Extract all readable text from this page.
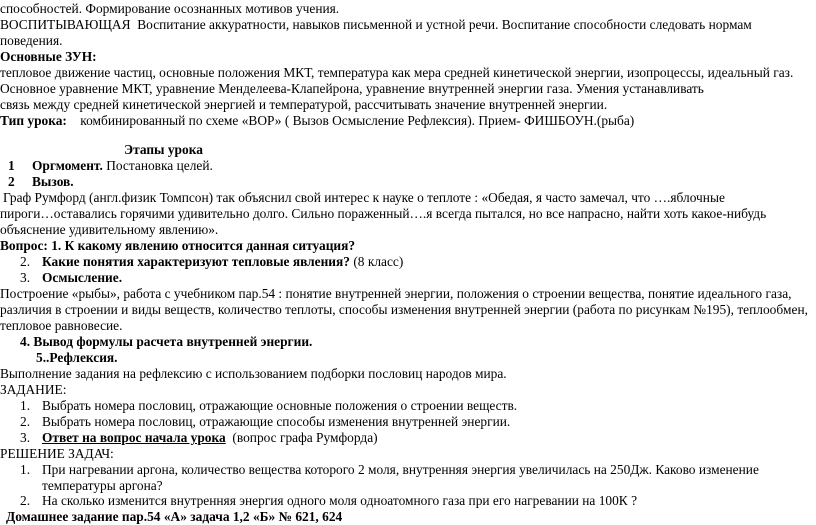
способностей. Формирование осознанных мотивов учения.
ВОСПИТЫВАЮЩАЯ Воспитание аккуратности, навыков письменной и устной речи. Воспитание способности следовать нормам
поведения.
Основные ЗУН:
тепловое движение частиц, основные положения МКТ, температура как мера средней кинетической энергии, изопроцессы, идеальный газ.
Основное уравнение МКТ, уравнение Менделеева-Клапейрона, уравнение внутренней энергии газа. Умения устанавливать
связь между средней кинетической энергией и температурой, рассчитывать значение внутренней энергии.
Тип урока: комбинированный по схеме «ВОР» ( Вызов Осмысление Рефлексия). Прием- ФИШБОУН.(рыба)
Этапы урока
1 Оргмомент. Постановка целей.
2 Вызов.
Граф Румфорд (англ.физик Томпсон) так объяснил свой интерес к науке о теплоте : «Обедая, я часто замечал, что ….яблочные
пироги…оставались горячими удивительно долго. Сильно пораженный….я всегда пытался, но все напрасно, найти хоть какое-нибудь
объяснение удивительному явлению».
Вопрос: 1. К какому явлению относится данная ситуация?
2. Какие понятия характеризуют тепловые явления? (8 класс)
3. Осмысление.
Построение «рыбы», работа с учебником пар.54 : понятие внутренней энергии, положения о строении вещества, понятие идеального газа,
различия в строении и виды веществ, количество теплоты, способы изменения внутренней энергии (работа по рисункам №195), теплообмен,
тепловое равновесие.
4. Вывод формулы расчета внутренней энергии.
5..Рефлексия.
Выполнение задания на рефлексию с использованием подборки пословиц народов мира.
ЗАДАНИЕ:
1. Выбрать номера пословиц, отражающие основные положения о строении веществ.
2. Выбрать номера пословиц, отражающие способы изменения внутренней энергии.
3. Ответ на вопрос начала урока (вопрос графа Румфорда)
РЕШЕНИЕ ЗАДАЧ:
1. При нагревании аргона, количество вещества которого 2 моля, внутренняя энергия увеличилась на 250Дж. Каково изменение
температуры аргона?
2. На сколько изменится внутренняя энергия одного моля одноатомного газа при его нагревании на 100К ?
Домашнее задание пар.54 «А» задача 1,2 «Б» № 621, 624
